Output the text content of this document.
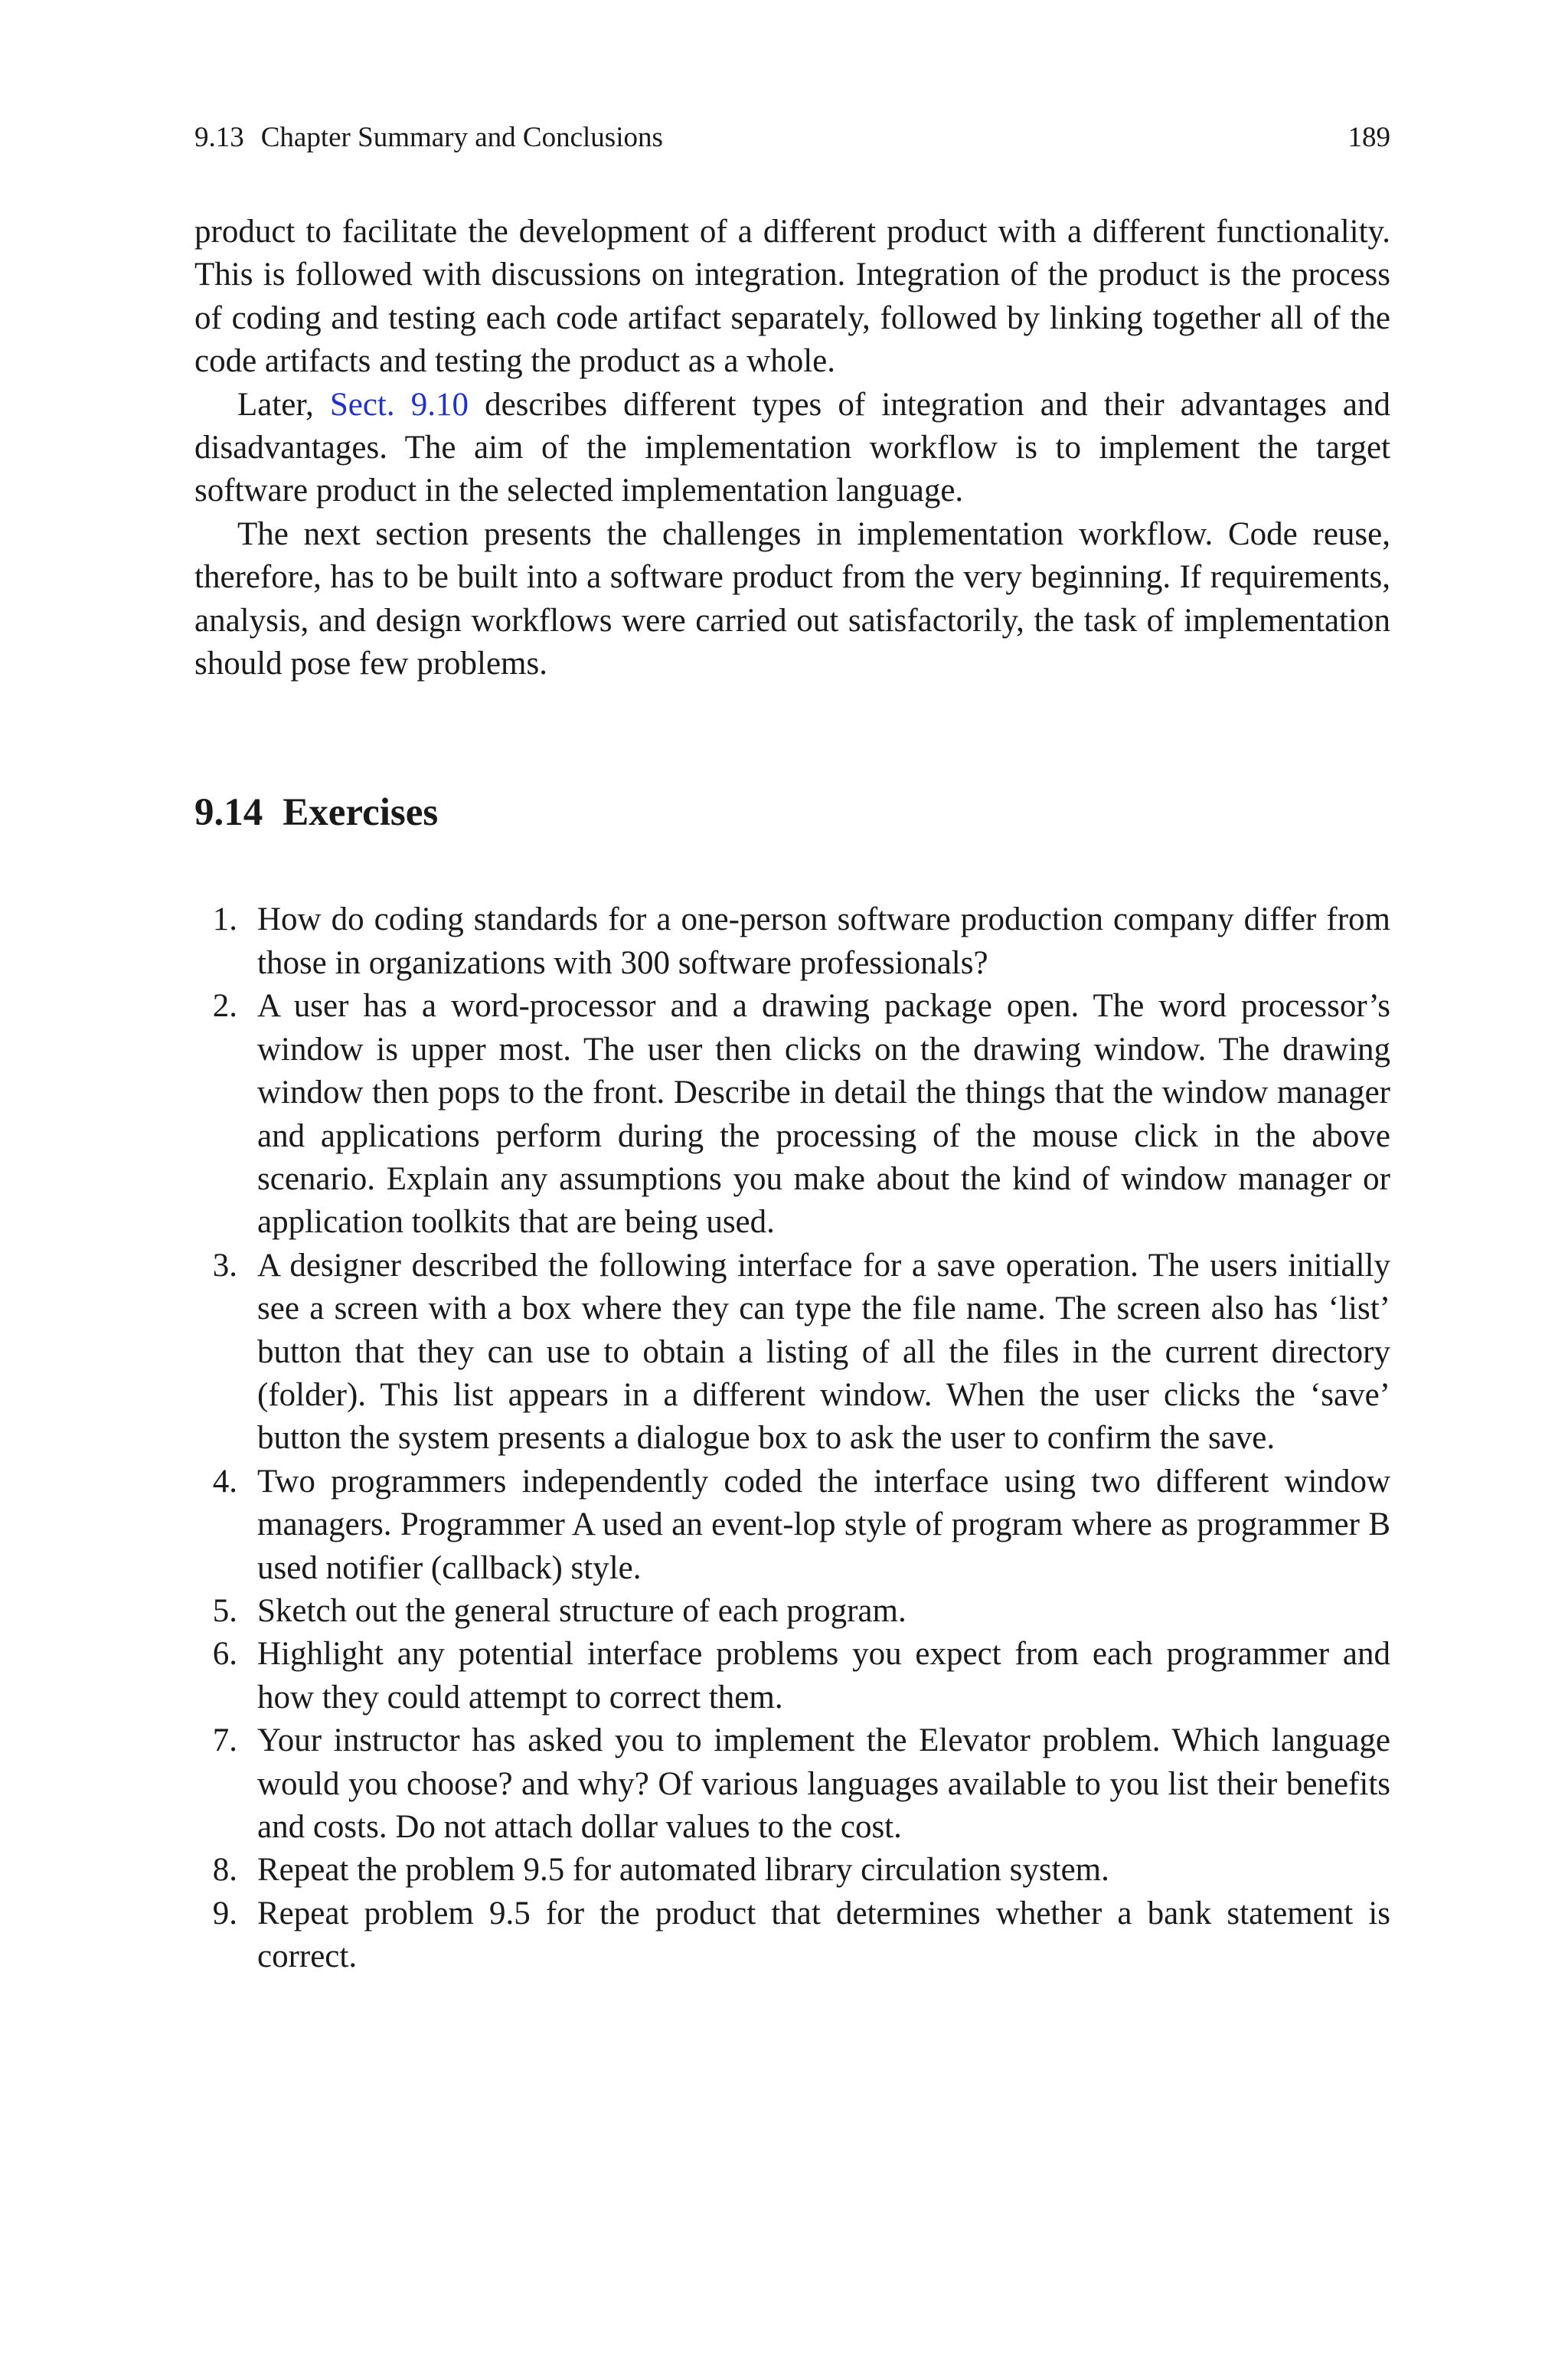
9.13 Chapter Summary and Conclusions	189

product to facilitate the development of a different product with a different functionality. This is followed with discussions on integration. Integration of the product is the process of coding and testing each code artifact separately, followed by linking together all of the code artifacts and testing the product as a whole.

Later, Sect. 9.10 describes different types of integration and their advantages and disadvantages. The aim of the implementation workflow is to implement the target software product in the selected implementation language.

The next section presents the challenges in implementation workflow. Code reuse, therefore, has to be built into a software product from the very beginning. If requirements, analysis, and design workflows were carried out satisfactorily, the task of implementation should pose few problems.

9.14 Exercises
1. How do coding standards for a one-person software production company differ from those in organizations with 300 software professionals?
2. A user has a word-processor and a drawing package open. The word processor’s window is upper most. The user then clicks on the drawing window. The drawing window then pops to the front. Describe in detail the things that the window manager and applications perform during the processing of the mouse click in the above scenario. Explain any assumptions you make about the kind of window manager or application toolkits that are being used.
3. A designer described the following interface for a save operation. The users initially see a screen with a box where they can type the file name. The screen also has ‘list’ button that they can use to obtain a listing of all the files in the current directory (folder). This list appears in a different window. When the user clicks the ‘save’ button the system presents a dialogue box to ask the user to confirm the save.
4. Two programmers independently coded the interface using two different window managers. Programmer A used an event-lop style of program where as programmer B used notifier (callback) style.
5. Sketch out the general structure of each program.
6. Highlight any potential interface problems you expect from each programmer and how they could attempt to correct them.
7. Your instructor has asked you to implement the Elevator problem. Which language would you choose? and why? Of various languages available to you list their benefits and costs. Do not attach dollar values to the cost.
8. Repeat the problem 9.5 for automated library circulation system.
9. Repeat problem 9.5 for the product that determines whether a bank statement is correct.
